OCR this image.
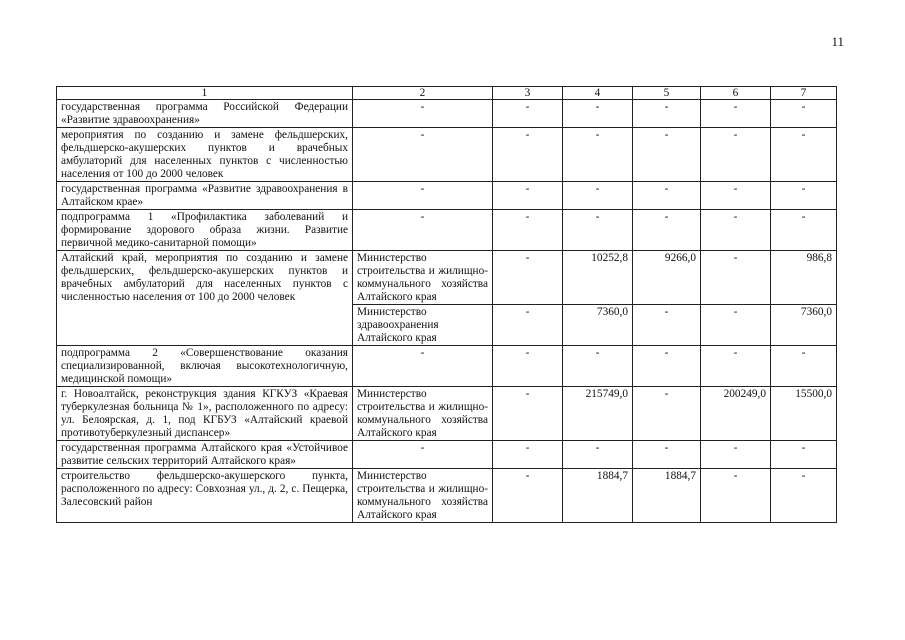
11
1	2	3	4	5	6	7
государственная программа Российской Федерации «Развитие здравоохранения»	-	-	-	-	-	-
мероприятия по созданию и замене фельдшерских, фельдшерско-акушерских пунктов и врачебных амбулаторий для населенных пунктов с численностью населения от 100 до 2000 человек	-	-	-	-	-	-
государственная программа «Развитие здравоохранения в Алтайском крае»	-	-	-	-	-	-
подпрограмма 1 «Профилактика заболеваний и формирование здорового образа жизни. Развитие первичной медико-санитарной помощи»	-	-	-	-	-	-
Алтайский край, мероприятия по созданию и замене фельдшерских, фельдшерско-акушерских пунктов и врачебных амбулаторий для населенных пунктов с численностью населения от 100 до 2000 человек	Министерство строительства и жилищно-коммунального хозяйства Алтайского края	-	10252,8	9266,0	-	986,8
	Министерство здравоохранения Алтайского края	-	7360,0	-	-	7360,0
подпрограмма 2 «Совершенствование оказания специализированной, включая высокотехнологичную, медицинской помощи»	-	-	-	-	-	-
г. Новоалтайск, реконструкция здания КГКУЗ «Краевая туберкулезная больница № 1», расположенного по адресу: ул. Белоярская, д. 1, под КГБУЗ «Алтайский краевой противотуберкулезный диспансер»	Министерство строительства и жилищно-коммунального хозяйства Алтайского края	-	215749,0	-	200249,0	15500,0
государственная программа Алтайского края «Устойчивое развитие сельских территорий Алтайского края»	-	-	-	-	-	-
строительство фельдшерско-акушерского пункта, расположенного по адресу: Совхозная ул., д. 2, с. Пещерка, Залесовский район	Министерство строительства и жилищно-коммунального хозяйства Алтайского края	-	1884,7	1884,7	-	-
